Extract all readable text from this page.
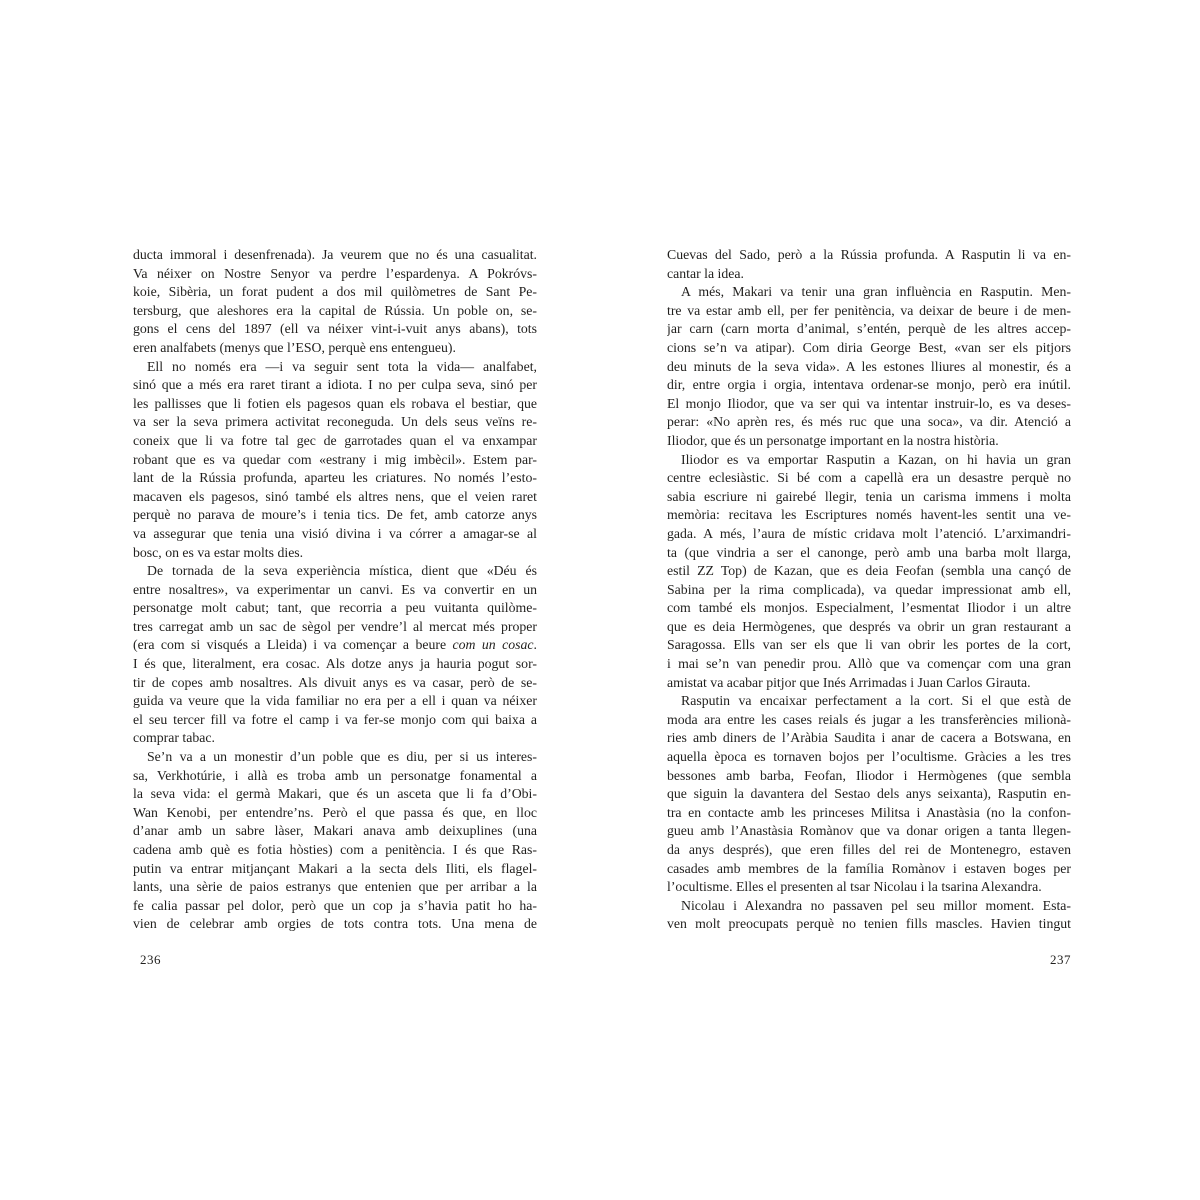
ducta immoral i desenfrenada). Ja veurem que no és una casualitat.
Va néixer on Nostre Senyor va perdre l’espardenya. A Pokróvs-
koie, Sibèria, un forat pudent a dos mil quilòmetres de Sant Pe-
tersburg, que aleshores era la capital de Rússia. Un poble on, se-
gons el cens del 1897 (ell va néixer vint-i-vuit anys abans), tots
eren analfabets (menys que l’ESO, perquè ens entengueu).
Ell no només era —i va seguir sent tota la vida— analfabet,
sinó que a més era raret tirant a idiota. I no per culpa seva, sinó per
les pallisses que li fotien els pagesos quan els robava el bestiar, que
va ser la seva primera activitat reconeguda. Un dels seus veïns re-
coneix que li va fotre tal gec de garrotades quan el va enxampar
robant que es va quedar com «estrany i mig imbècil». Estem par-
lant de la Rússia profunda, aparteu les criatures. No només l’esto-
macaven els pagesos, sinó també els altres nens, que el veien raret
perquè no parava de moure’s i tenia tics. De fet, amb catorze anys
va assegurar que tenia una visió divina i va córrer a amagar-se al
bosc, on es va estar molts dies.
De tornada de la seva experiència mística, dient que «Déu és
entre nosaltres», va experimentar un canvi. Es va convertir en un
personatge molt cabut; tant, que recorria a peu vuitanta quilòme-
tres carregat amb un sac de sègol per vendre’l al mercat més proper
(era com si visqués a Lleida) i va començar a beure com un cosac.
I és que, literalment, era cosac. Als dotze anys ja hauria pogut sor-
tir de copes amb nosaltres. Als divuit anys es va casar, però de se-
guida va veure que la vida familiar no era per a ell i quan va néixer
el seu tercer fill va fotre el camp i va fer-se monjo com qui baixa a
comprar tabac.
Se’n va a un monestir d’un poble que es diu, per si us interes-
sa, Verkhotúrie, i allà es troba amb un personatge fonamental a
la seva vida: el germà Makari, que és un asceta que li fa d’Obi-
Wan Kenobi, per entendre’ns. Però el que passa és que, en lloc
d’anar amb un sabre làser, Makari anava amb deixuplines (una
cadena amb què es fotia hòsties) com a penitència. I és que Ras-
putin va entrar mitjançant Makari a la secta dels Iliti, els flagel-
lants, una sèrie de paios estranys que entenien que per arribar a la
fe calia passar pel dolor, però que un cop ja s’havia patit ho ha-
vien de celebrar amb orgies de tots contra tots. Una mena de
236
Cuevas del Sado, però a la Rússia profunda. A Rasputin li va en-
cantar la idea.
A més, Makari va tenir una gran influència en Rasputin. Men-
tre va estar amb ell, per fer penitència, va deixar de beure i de men-
jar carn (carn morta d’animal, s’entén, perquè de les altres accep-
cions se’n va atipar). Com diria George Best, «van ser els pitjors
deu minuts de la seva vida». A les estones lliures al monestir, és a
dir, entre orgia i orgia, intentava ordenar-se monjo, però era inútil.
El monjo Iliodor, que va ser qui va intentar instruir-lo, es va deses-
perar: «No aprèn res, és més ruc que una soca», va dir. Atenció a
Iliodor, que és un personatge important en la nostra història.
Iliodor es va emportar Rasputin a Kazan, on hi havia un gran
centre eclesiàstic. Si bé com a capellà era un desastre perquè no
sabia escriure ni gairebé llegir, tenia un carisma immens i molta
memòria: recitava les Escriptures només havent-les sentit una ve-
gada. A més, l’aura de místic cridava molt l’atenció. L’arximandri-
ta (que vindria a ser el canonge, però amb una barba molt llarga,
estil ZZ Top) de Kazan, que es deia Feofan (sembla una cançó de
Sabina per la rima complicada), va quedar impressionat amb ell,
com també els monjos. Especialment, l’esmentat Iliodor i un altre
que es deia Hermògenes, que després va obrir un gran restaurant a
Saragossa. Ells van ser els que li van obrir les portes de la cort,
i mai se’n van penedir prou. Allò que va començar com una gran
amistat va acabar pitjor que Inés Arrimadas i Juan Carlos Girauta.
Rasputin va encaixar perfectament a la cort. Si el que està de
moda ara entre les cases reials és jugar a les transferències milionà-
ries amb diners de l’Aràbia Saudita i anar de cacera a Botswana, en
aquella època es tornaven bojos per l’ocultisme. Gràcies a les tres
bessones amb barba, Feofan, Iliodor i Hermògenes (que sembla
que siguin la davantera del Sestao dels anys seixanta), Rasputin en-
tra en contacte amb les princeses Militsa i Anastàsia (no la confon-
gueu amb l’Anastàsia Romànov que va donar origen a tanta llegen-
da anys després), que eren filles del rei de Montenegro, estaven
casades amb membres de la família Romànov i estaven boges per
l’ocultisme. Elles el presenten al tsar Nicolau i la tsarina Alexandra.
Nicolau i Alexandra no passaven pel seu millor moment. Esta-
ven molt preocupats perquè no tenien fills mascles. Havien tingut
237
